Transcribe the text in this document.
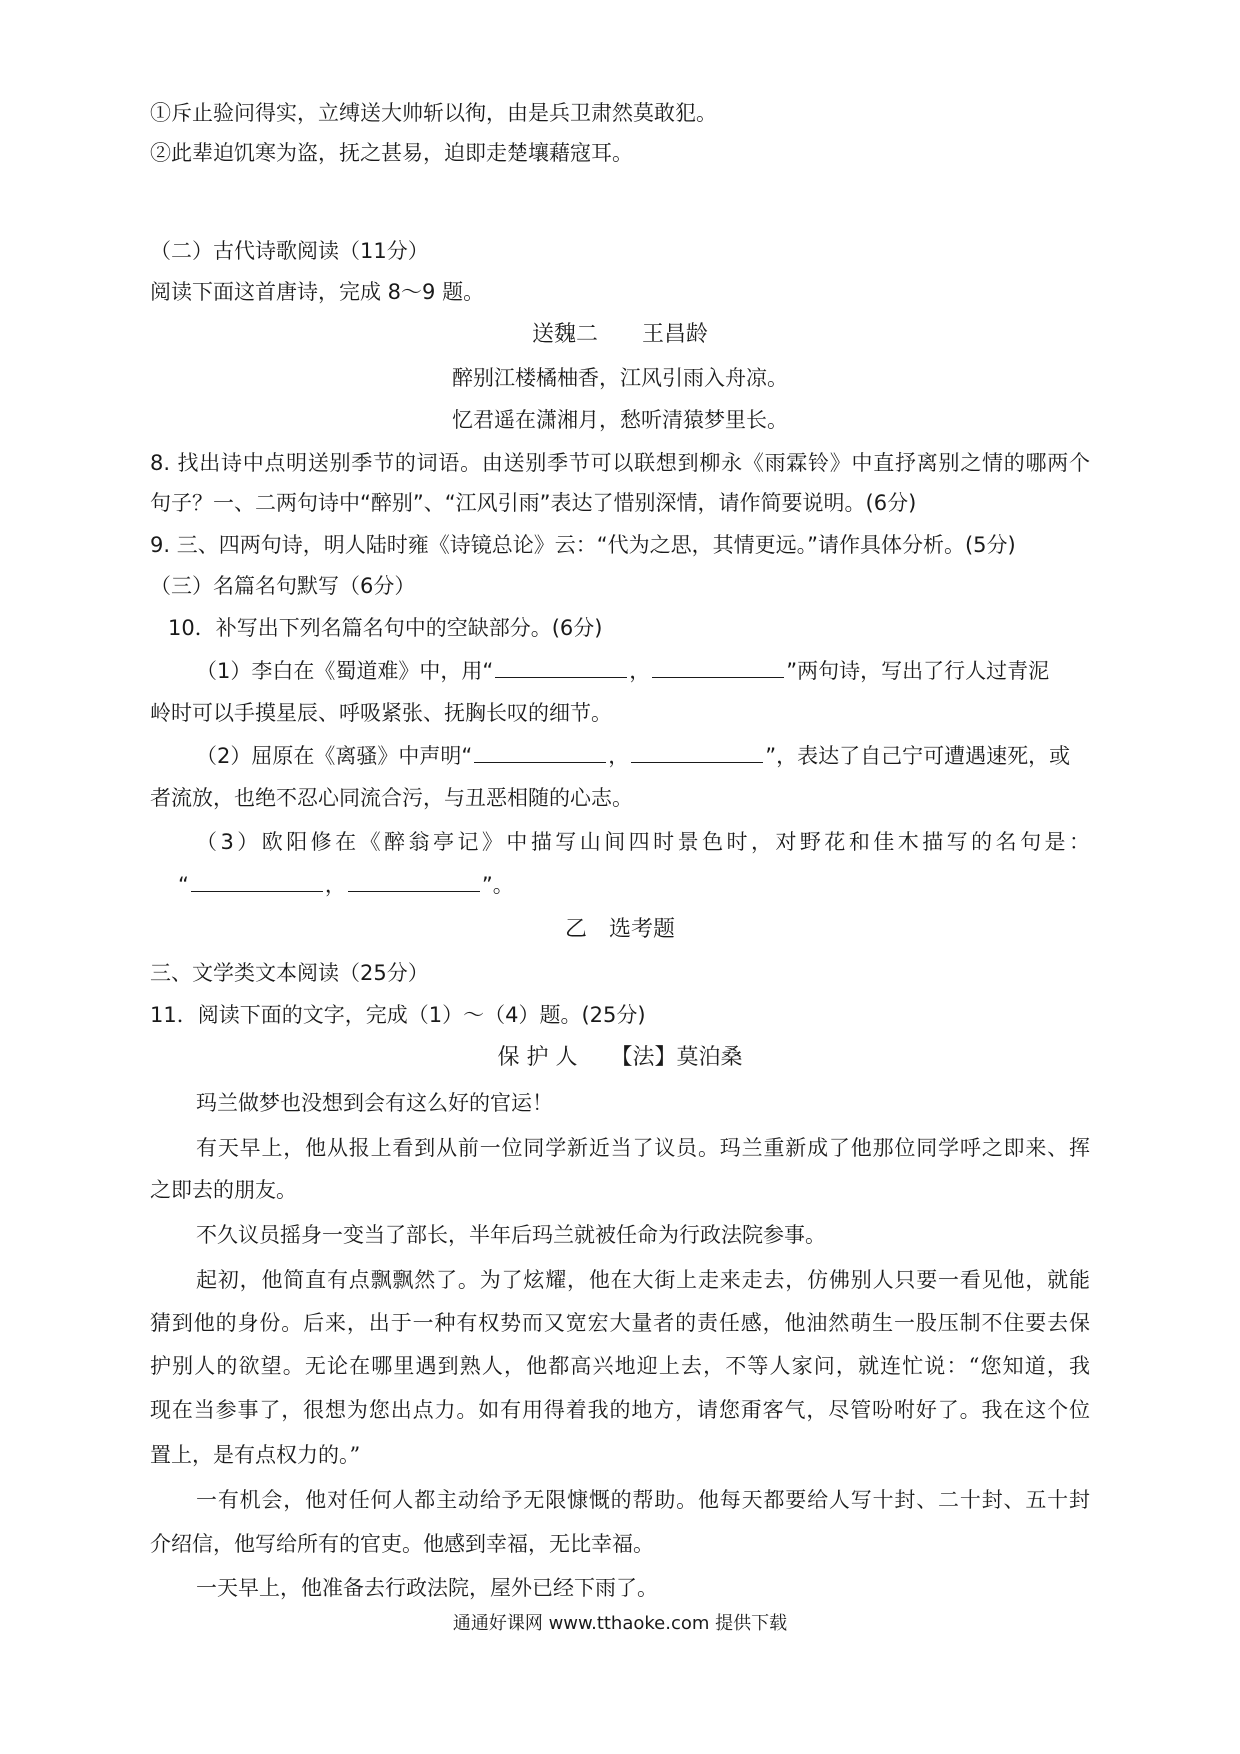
①斥止验问得实，立缚送大帅斩以徇，由是兵卫肃然莫敢犯。
②此辈迫饥寒为盗，抚之甚易，迫即走楚壤藉寇耳。
（二）古代诗歌阅读（11分）
阅读下面这首唐诗，完成 8～9 题。
送魏二　　王昌龄
醉别江楼橘柚香，江风引雨入舟凉。
忆君遥在潇湘月，愁听清猿梦里长。
8. 找出诗中点明送别季节的词语。由送别季节可以联想到柳永《雨霖铃》中直抒离别之情的哪两个
句子？一、二两句诗中“醉别”、“江风引雨”表达了惜别深情，请作简要说明。(6分)
9. 三、四两句诗，明人陆时雍《诗镜总论》云：“代为之思，其情更远。”请作具体分析。(5分)
（三）名篇名句默写（6分）
10．补写出下列名篇名句中的空缺部分。(6分)
（1）李白在《蜀道难》中，用“	，	”两句诗，写出了行人过青泥
岭时可以手摸星辰、呼吸紧张、抚胸长叹的细节。
（2）屈原在《离骚》中声明“	，	”，表达了自己宁可遭遇速死，或
者流放，也绝不忍心同流合污，与丑恶相随的心志。
（3）欧阳修在《醉翁亭记》中描写山间四时景色时，对野花和佳木描写的名句是：
“	，	”。
乙　选考题
三、文学类文本阅读（25分）
11．阅读下面的文字，完成（1）～（4）题。(25分)
保 护 人　　【法】莫泊桑
玛兰做梦也没想到会有这么好的官运！
有天早上，他从报上看到从前一位同学新近当了议员。玛兰重新成了他那位同学呼之即来、挥
之即去的朋友。
不久议员摇身一变当了部长，半年后玛兰就被任命为行政法院参事。
起初，他简直有点飘飘然了。为了炫耀，他在大街上走来走去，仿佛别人只要一看见他，就能
猜到他的身份。后来，出于一种有权势而又宽宏大量者的责任感，他油然萌生一股压制不住要去保
护别人的欲望。无论在哪里遇到熟人，他都高兴地迎上去，不等人家问，就连忙说：“您知道，我
现在当参事了，很想为您出点力。如有用得着我的地方，请您甭客气，尽管吩咐好了。我在这个位
置上，是有点权力的。”
一有机会，他对任何人都主动给予无限慷慨的帮助。他每天都要给人写十封、二十封、五十封
介绍信，他写给所有的官吏。他感到幸福，无比幸福。
一天早上，他准备去行政法院，屋外已经下雨了。
通通好课网 www.tthaoke.com 提供下载
